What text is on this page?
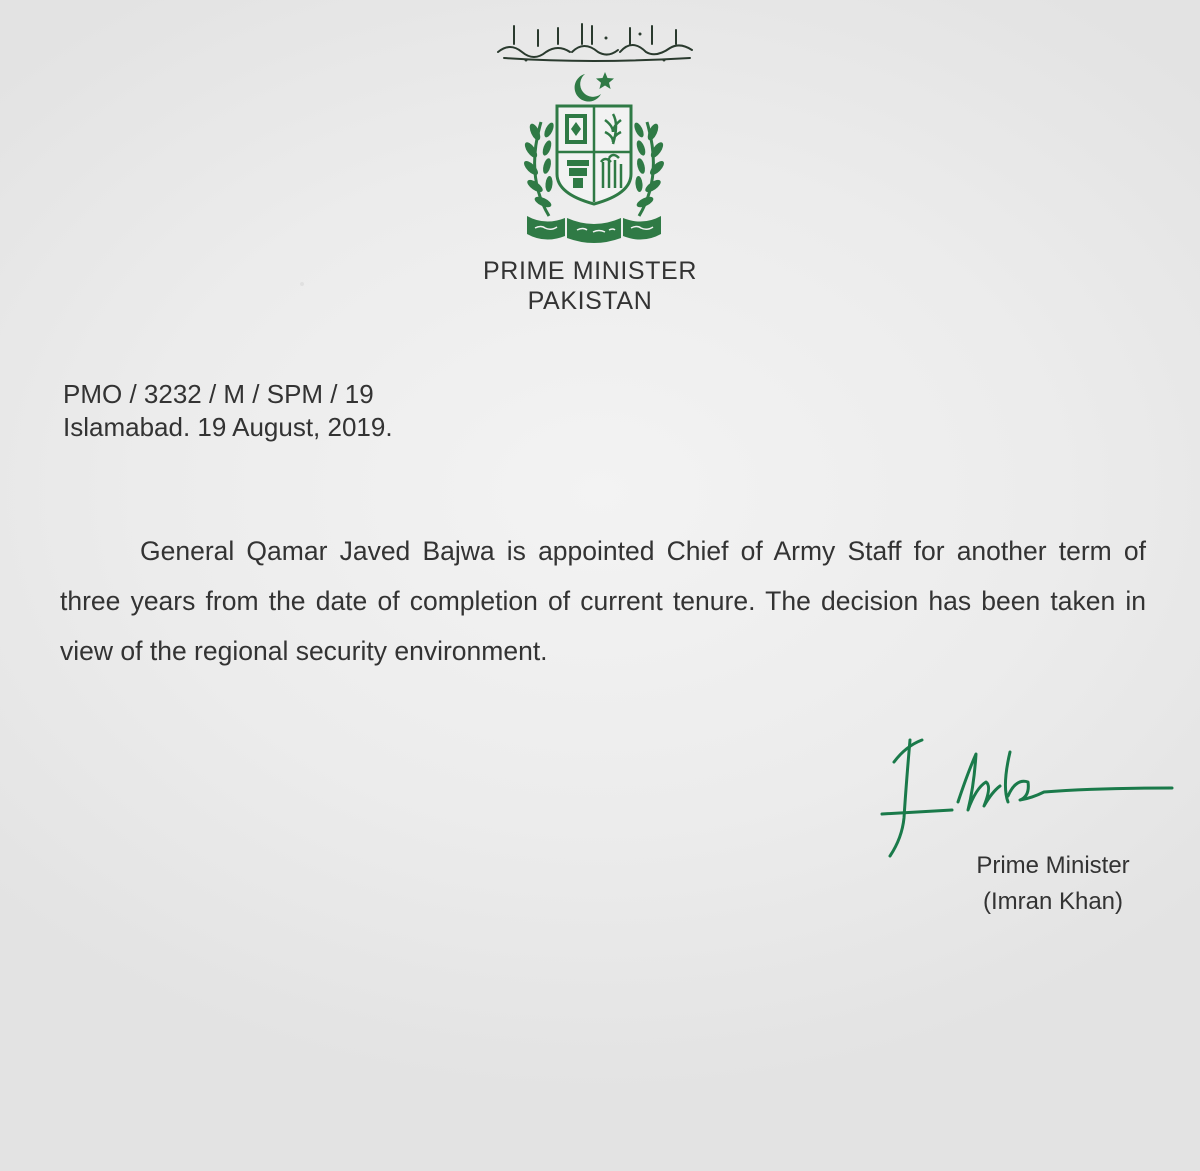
PRIME MINISTER
PAKISTAN
PMO / 3232 / M / SPM / 19
Islamabad. 19 August, 2019.
General Qamar Javed Bajwa is appointed Chief of Army Staff for another term of three years from the date of completion of current tenure. The decision has been taken in view of the regional security environment.
Prime Minister
(Imran Khan)
